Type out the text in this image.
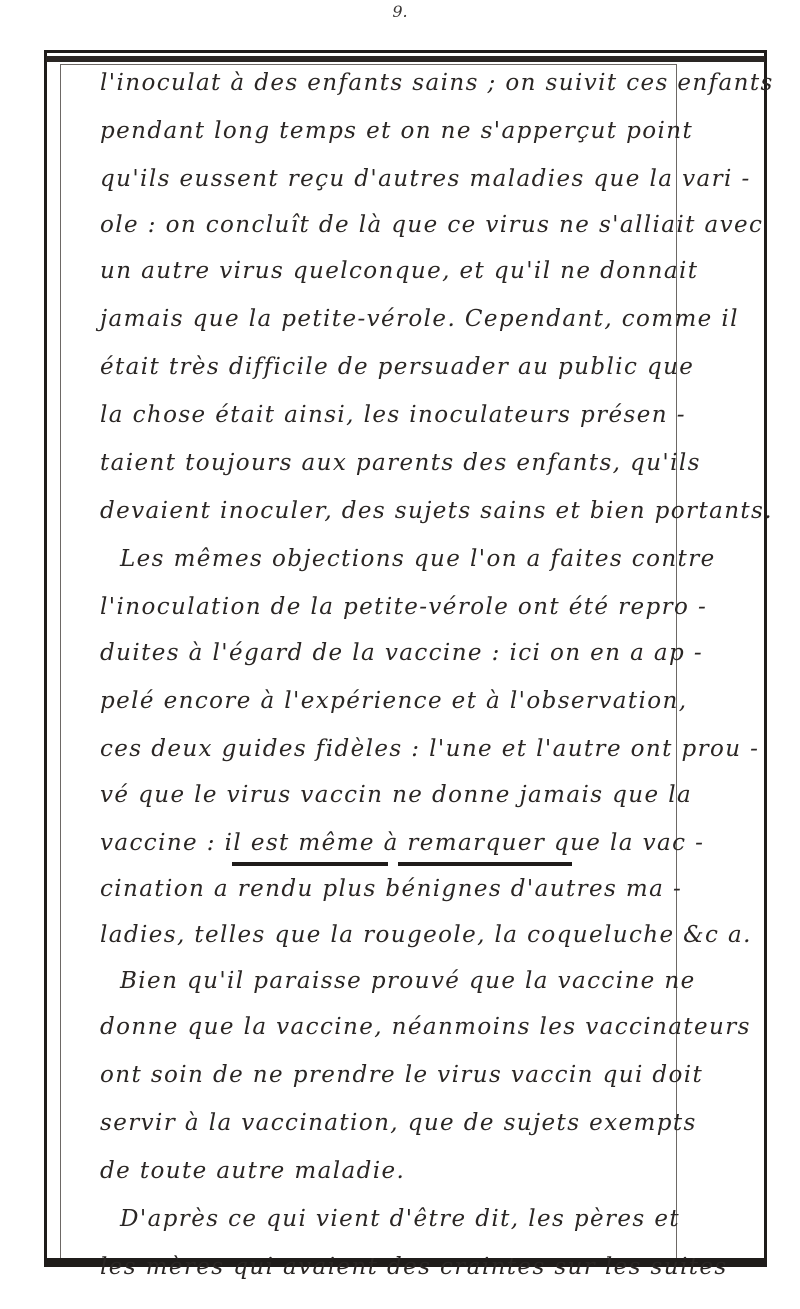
9.
l'inoculat à des enfants sains ; on suivit ces enfants
pendant long temps et on ne s'apperçut point
qu'ils eussent reçu d'autres maladies que la vari -
ole : on concluît de là que ce virus ne s'alliait avec
un autre virus quelconque, et qu'il ne donnait
jamais que la petite-vérole. Cependant, comme il
était très difficile de persuader au public que
la chose était ainsi, les inoculateurs présen -
taient toujours aux parents des enfants, qu'ils
devaient inoculer, des sujets sains et bien portants.
Les mêmes objections que l'on a faites contre
l'inoculation de la petite-vérole ont été repro -
duites à l'égard de la vaccine : ici on en a ap -
pelé encore à l'expérience et à l'observation,
ces deux guides fidèles : l'une et l'autre ont prou -
vé que le virus vaccin ne donne jamais que la
vaccine : il est même à remarquer que la vac -
cination a rendu plus bénignes d'autres ma -
ladies, telles que la rougeole, la coqueluche &c a.
Bien qu'il paraisse prouvé que la vaccine ne
donne que la vaccine, néanmoins les vaccinateurs
ont soin de ne prendre le virus vaccin qui doit
servir à la vaccination, que de sujets exempts
de toute autre maladie.
D'après ce qui vient d'être dit, les pères et
les mères qui avaient des craintes sur les suites
